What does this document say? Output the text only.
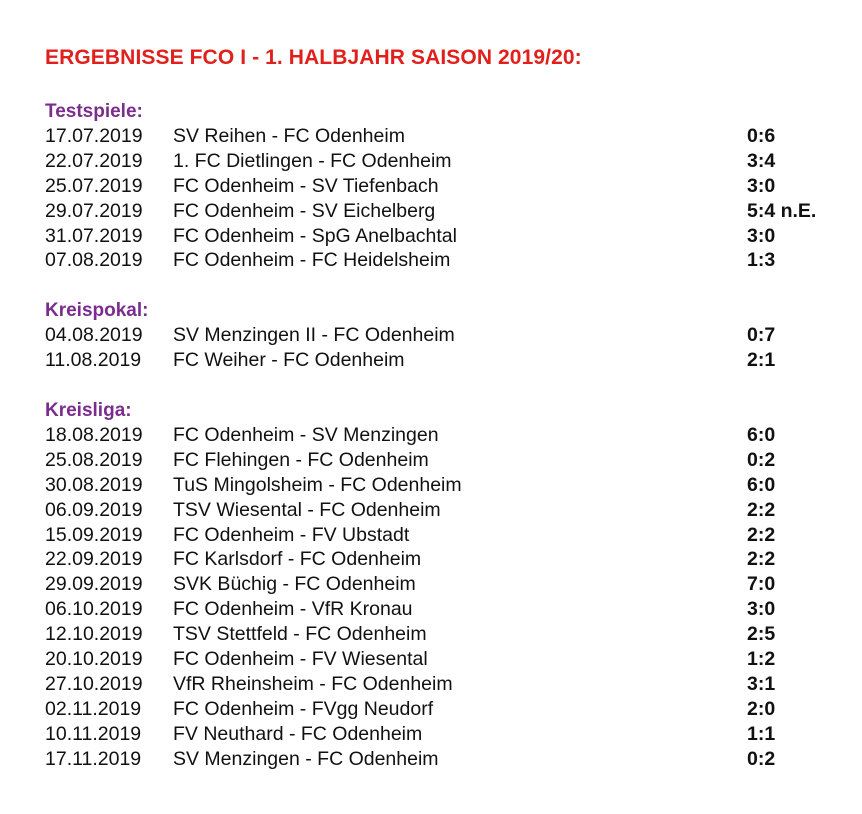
ERGEBNISSE FCO I - 1. HALBJAHR SAISON 2019/20:
Testspiele:
17.07.2019 SV Reihen - FC Odenheim	0:6
22.07.2019 1. FC Dietlingen - FC Odenheim	3:4
25.07.2019 FC Odenheim - SV Tiefenbach	3:0
29.07.2019 FC Odenheim - SV Eichelberg	5:4 n.E.
31.07.2019 FC Odenheim - SpG Anelbachtal	3:0
07.08.2019 FC Odenheim - FC Heidelsheim	1:3
Kreispokal:
04.08.2019 SV Menzingen II - FC Odenheim	0:7
11.08.2019 FC Weiher - FC Odenheim	2:1
Kreisliga:
18.08.2019 FC Odenheim - SV Menzingen	6:0
25.08.2019 FC Flehingen - FC Odenheim	0:2
30.08.2019 TuS Mingolsheim - FC Odenheim	6:0
06.09.2019 TSV Wiesental - FC Odenheim	2:2
15.09.2019 FC Odenheim - FV Ubstadt	2:2
22.09.2019 FC Karlsdorf - FC Odenheim	2:2
29.09.2019 SVK Büchig - FC Odenheim	7:0
06.10.2019 FC Odenheim - VfR Kronau	3:0
12.10.2019 TSV Stettfeld - FC Odenheim	2:5
20.10.2019 FC Odenheim - FV Wiesental	1:2
27.10.2019 VfR Rheinsheim - FC Odenheim	3:1
02.11.2019 FC Odenheim - FVgg Neudorf	2:0
10.11.2019 FV Neuthard - FC Odenheim	1:1
17.11.2019 SV Menzingen - FC Odenheim	0:2
